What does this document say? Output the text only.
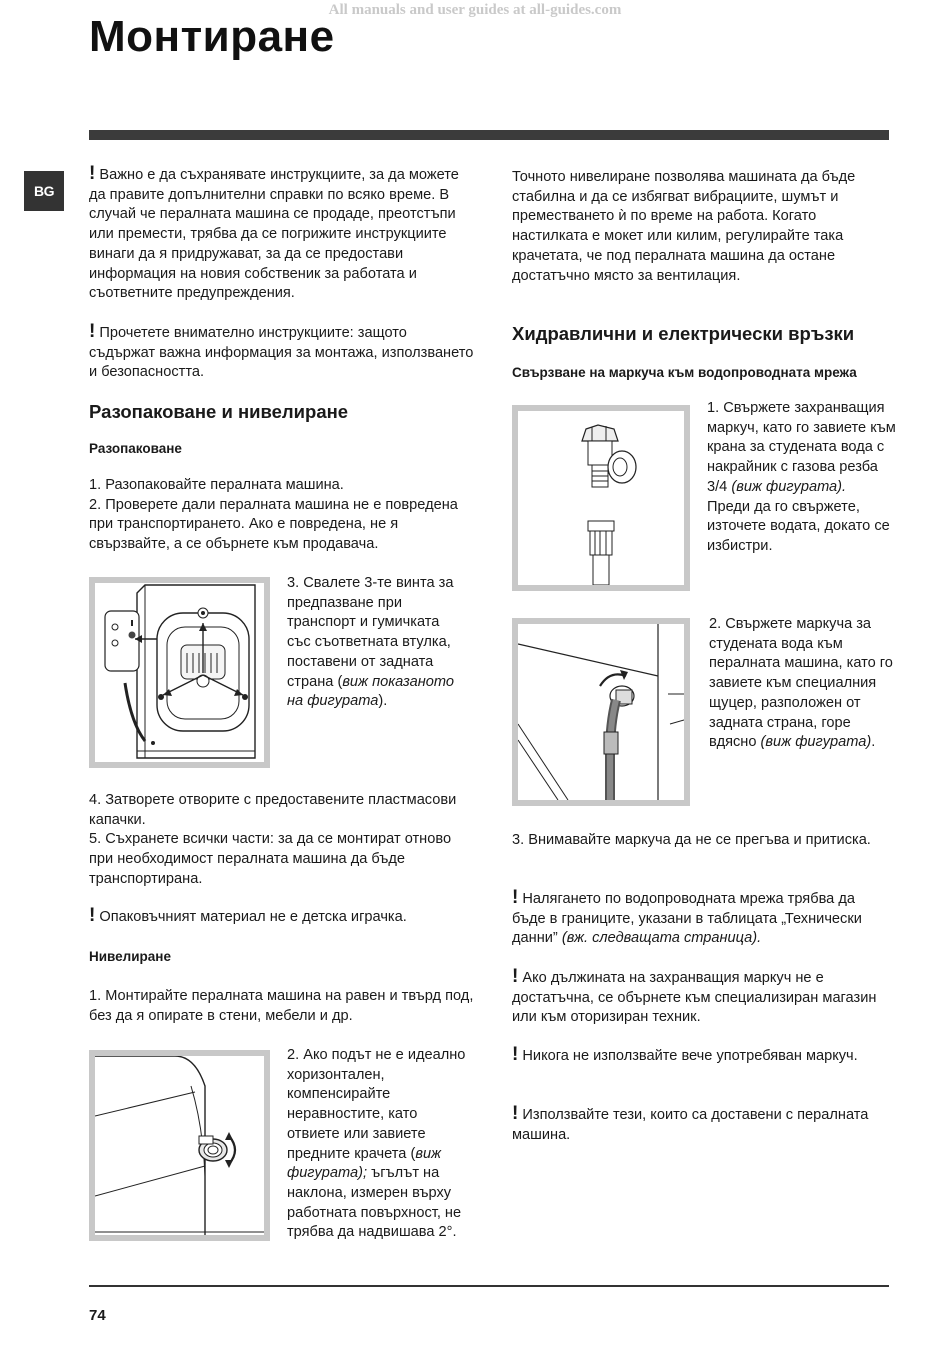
All manuals and user guides at all-guides.com
Монтиране
BG

! Важно е да съхранявате инструкциите, за да можете да правите допълнителни справки по всяко време. В случай че пералната машина се продаде, преотстъпи или премести, трябва да се погрижите инструкциите винаги да я придружават, за да се предостави информация на новия собственик за работата и съответните предупреждения.

! Прочетете внимателно инструкциите: защото съдържат важна информация за монтажа, използването и безопасността.

Разопаковане и нивелиране
Разопаковане

1. Разопаковайте пералната машина.

2. Проверете дали пералната машина не е повредена при транспортирането. Ако е повредена, не я свързвайте, а се обърнете към продавача.

3. Свалете 3-те винта за предпазване при транспорт и гумичката със съответната втулка, поставени от задната страна (виж показаното на фигурата).

4. Затворете отворите с предоставените пластмасови капачки.

5. Съхранете всички части: за да се монтират отново при необходимост пералната машина да бъде транспортирана.

! Опаковъчният материал не е детска играчка.

Нивелиране

1. Монтирайте пералната машина на равен и твърд под, без да я опирате в стени, мебели и др.

2. Ако подът не е идеално хоризонтален, компенсирайте неравностите, като отвиете или завиете предните крачета (виж фигурата); ъгълът на наклона, измерен върху работната повърхност, не трябва да надвишава 2°.

Точното нивелиране позволява машината да бъде стабилна и да се избягват вибрациите, шумът и преместването ѝ по време на работа. Когато настилката е мокет или килим, регулирайте така крачетата, че под пералната машина да остане достатъчно място за вентилация.

Хидравлични и електрически връзки
Свързване на маркуча към водопроводната мрежа

1. Свържете захранващия маркуч, като го завиете към крана за студената вода с накрайник с газова резба 3/4 (виж фигурата).

Преди да го свържете, източете водата, докато се избистри.

2. Свържете маркуча за студената вода към пералната машина, като го завиете към специалния щуцер, разположен от задната страна, горе вдясно (виж фигурата).

3. Внимавайте маркуча да не се прегъва и притиска.

! Налягането по водопроводната мрежа трябва да бъде в границите, указани в таблицата „Технически данни” (вж. следващата страница).

! Ако дължината на захранващия маркуч не е достатъчна, се обърнете към специализиран магазин или към оторизиран техник.

! Никога не използвайте вече употребяван маркуч.

! Използвайте тези, които са доставени с пералната машина.

74
